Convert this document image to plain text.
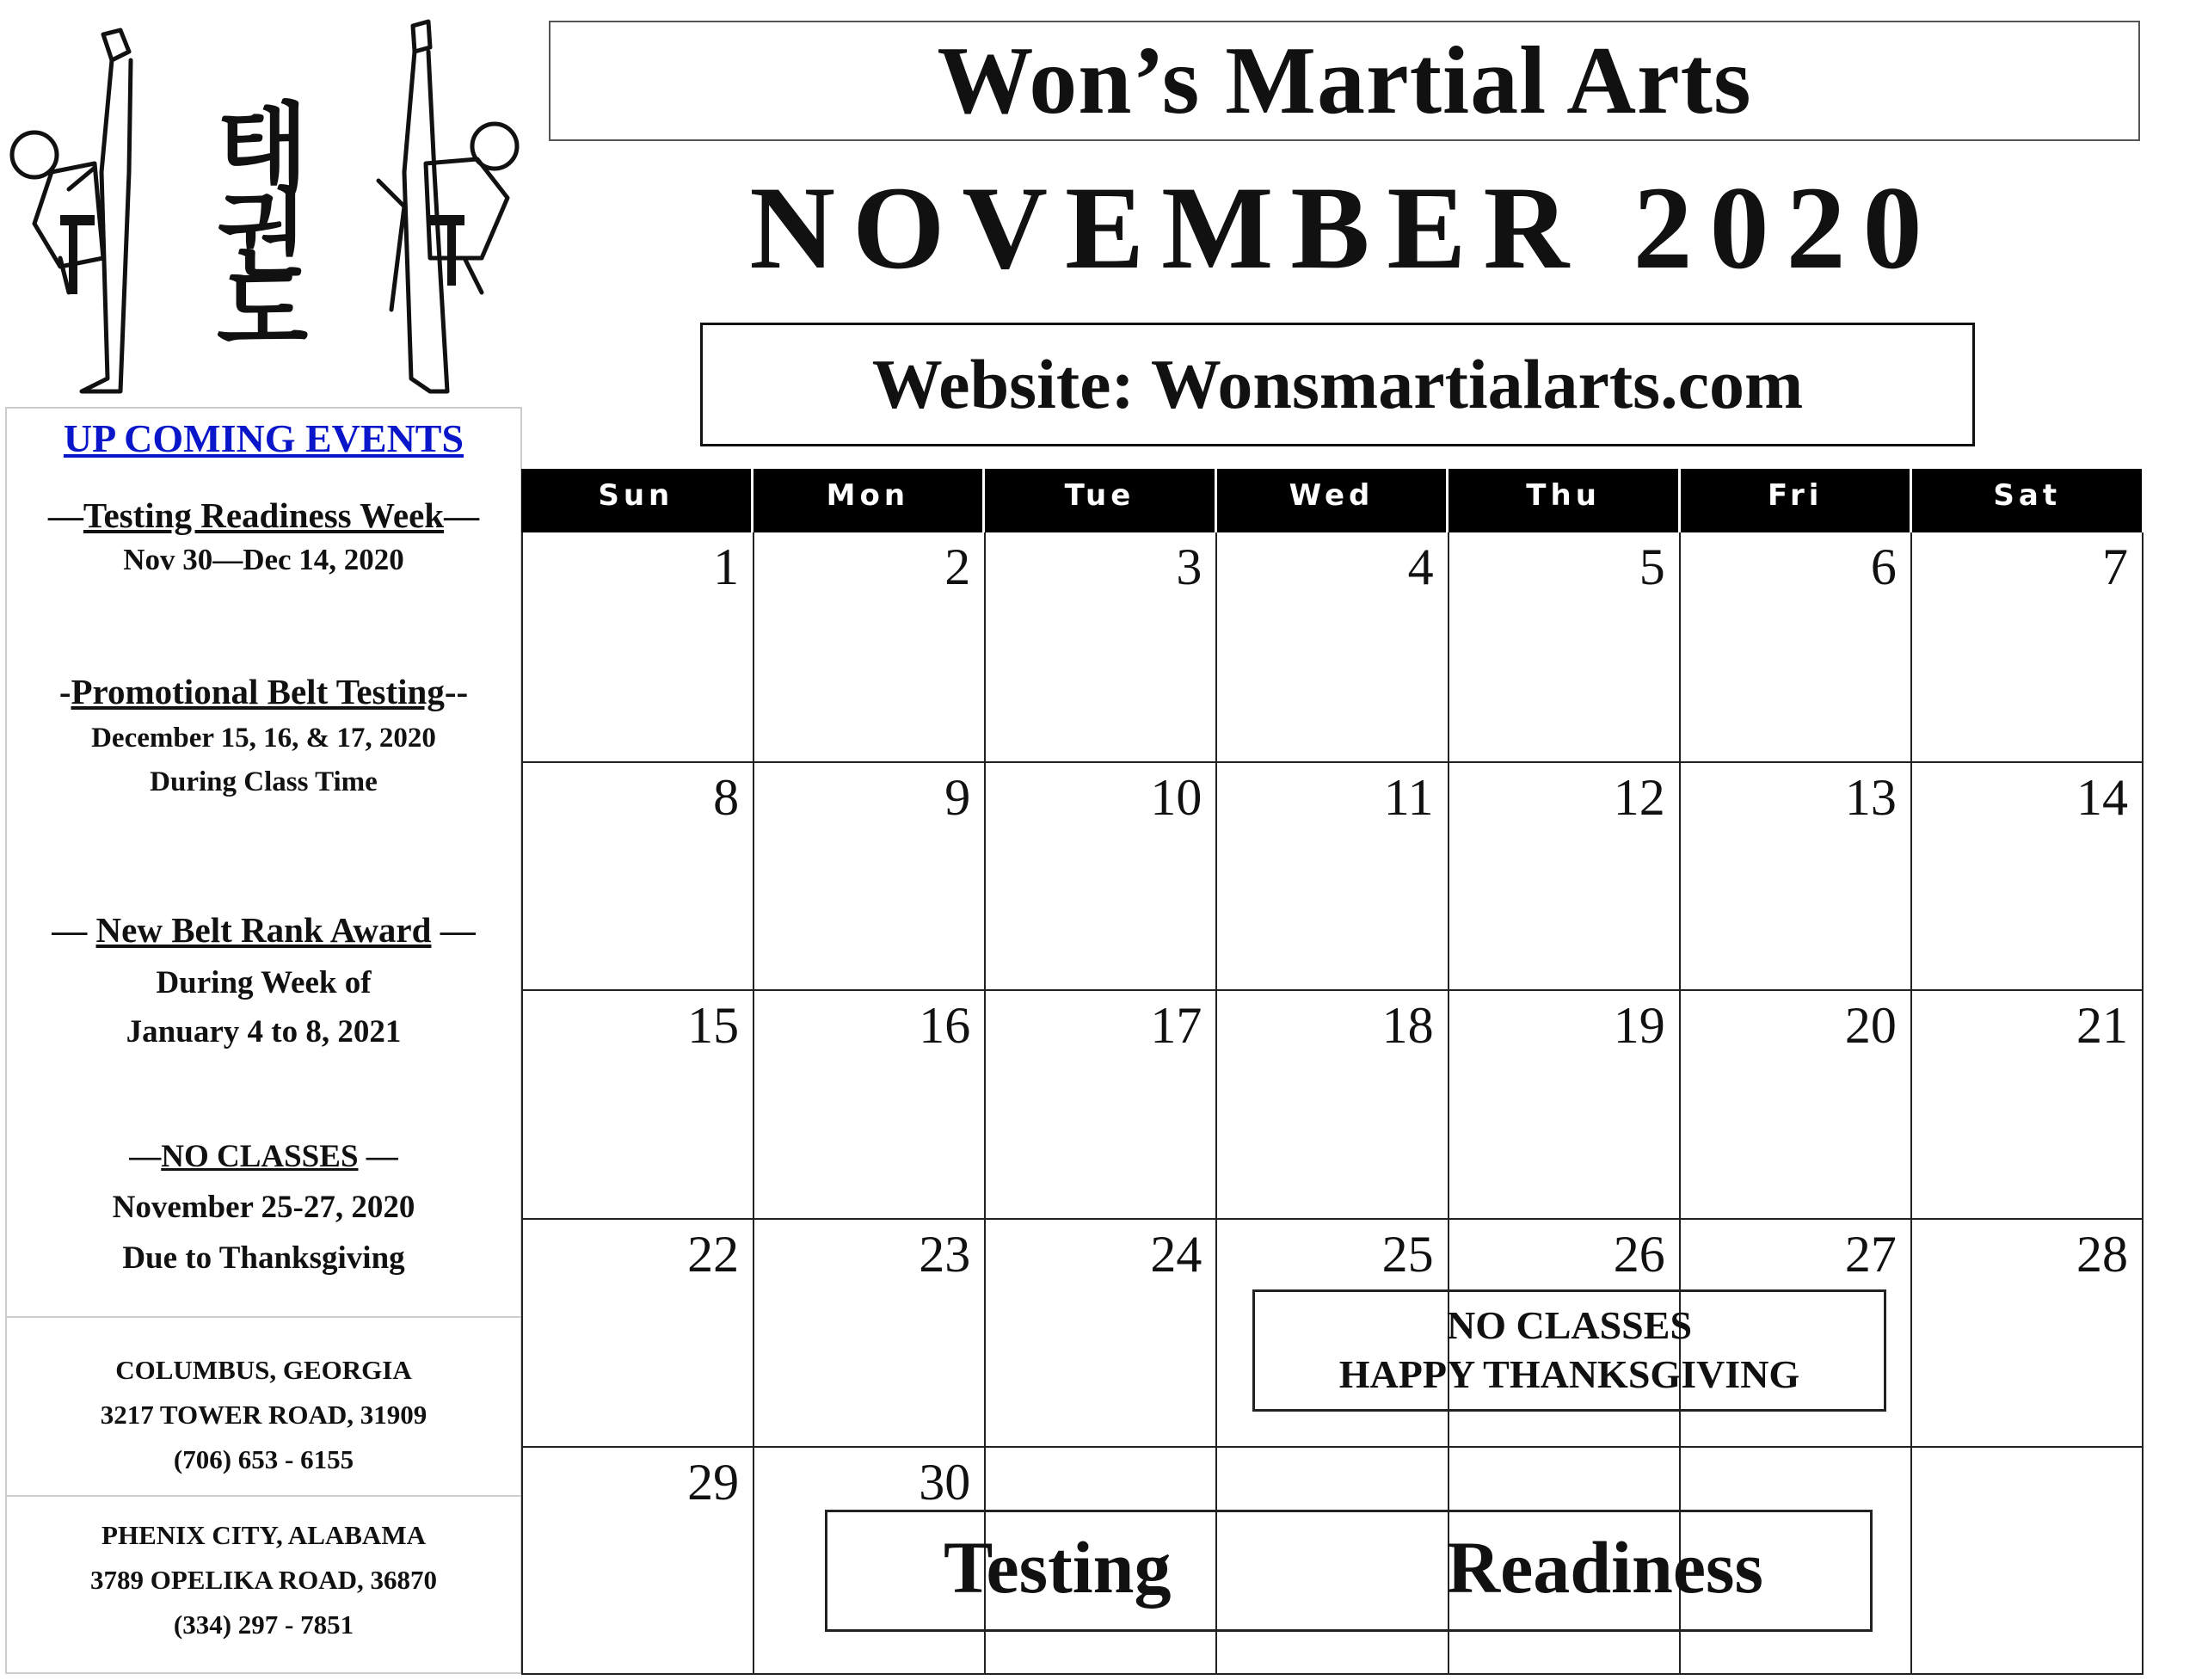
Won’s Martial Arts
NOVEMBER 2020
Website: Wonsmartialarts.com
태
권
도
UP COMING EVENTS
—Testing Readiness Week—
Nov 30—Dec 14, 2020
-Promotional Belt Testing--
December 15, 16, & 17, 2020
During Class Time
— New Belt Rank Award —
During Week of
January 4 to 8, 2021
—NO CLASSES —
November 25-27, 2020
Due to Thanksgiving
COLUMBUS, GEORGIA
3217 TOWER ROAD, 31909
(706) 653 - 6155
PHENIX CITY, ALABAMA
3789 OPELIKA ROAD, 36870
(334) 297 - 7851
Sun	Mon	Tue	Wed	Thu	Fri	Sat
1	2	3	4	5	6	7
8	9	10	11	12	13	14
15	16	17	18	19	20	21
22	23	24	25	26	27	28
29	30
NO CLASSES
HAPPY THANKSGIVING
Testing	Readiness
